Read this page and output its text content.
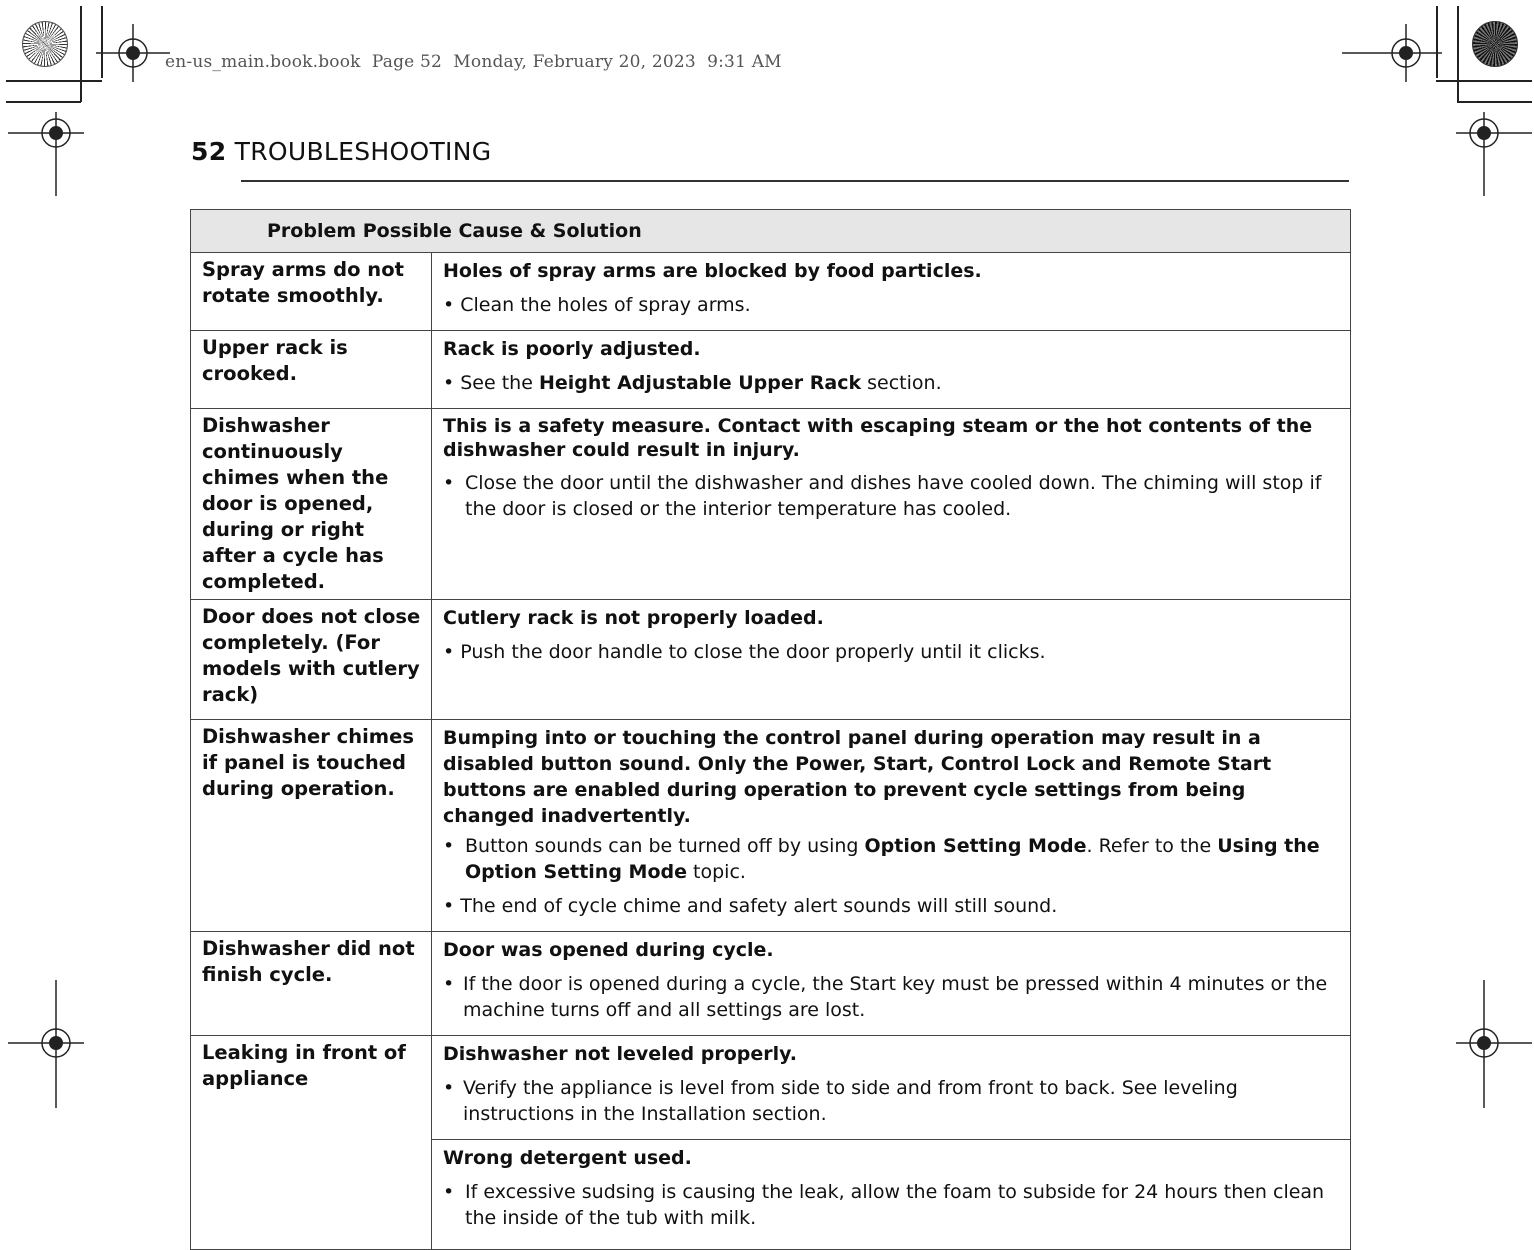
en-us_main.book.book  Page 52  Monday, February 20, 2023  9:31 AM
52 TROUBLESHOOTING
Problem Possible Cause & Solution	

Spray arms do not rotate smoothly.	Holes of spray arms are blocked by food particles.

• Clean the holes of spray arms.

Upper rack is crooked.	Rack is poorly adjusted.

• See the Height Adjustable Upper Rack section.

Dishwasher continuously chimes when the door is opened, during or right after a cycle has completed.	This is a safety measure. Contact with escaping steam or the hot contents of the dishwasher could result in injury.
• Close the door until the dishwasher and dishes have cooled down. The chiming will stop if the door is closed or the interior temperature has cooled.

Door does not close completely. (For models with cutlery rack)	Cutlery rack is not properly loaded.

• Push the door handle to close the door properly until it clicks.

Dishwasher chimes if panel is touched during operation.	Bumping into or touching the control panel during operation may result in a disabled button sound. Only the Power, Start, Control Lock and Remote Start buttons are enabled during operation to prevent cycle settings from being changed inadvertently.
• Button sounds can be turned off by using Option Setting Mode. Refer to the Using the Option Setting Mode topic.

• The end of cycle chime and safety alert sounds will still sound.

Dishwasher did not finish cycle.	Door was opened during cycle.
• If the door is opened during a cycle, the Start key must be pressed within 4 minutes or the machine turns off and all settings are lost.

Leaking in front of appliance	Dishwasher not leveled properly.
• Verify the appliance is level from side to side and from front to back. See leveling instructions in the Installation section.

	Wrong detergent used.
• If excessive sudsing is causing the leak, allow the foam to subside for 24 hours then clean the inside of the tub with milk.
